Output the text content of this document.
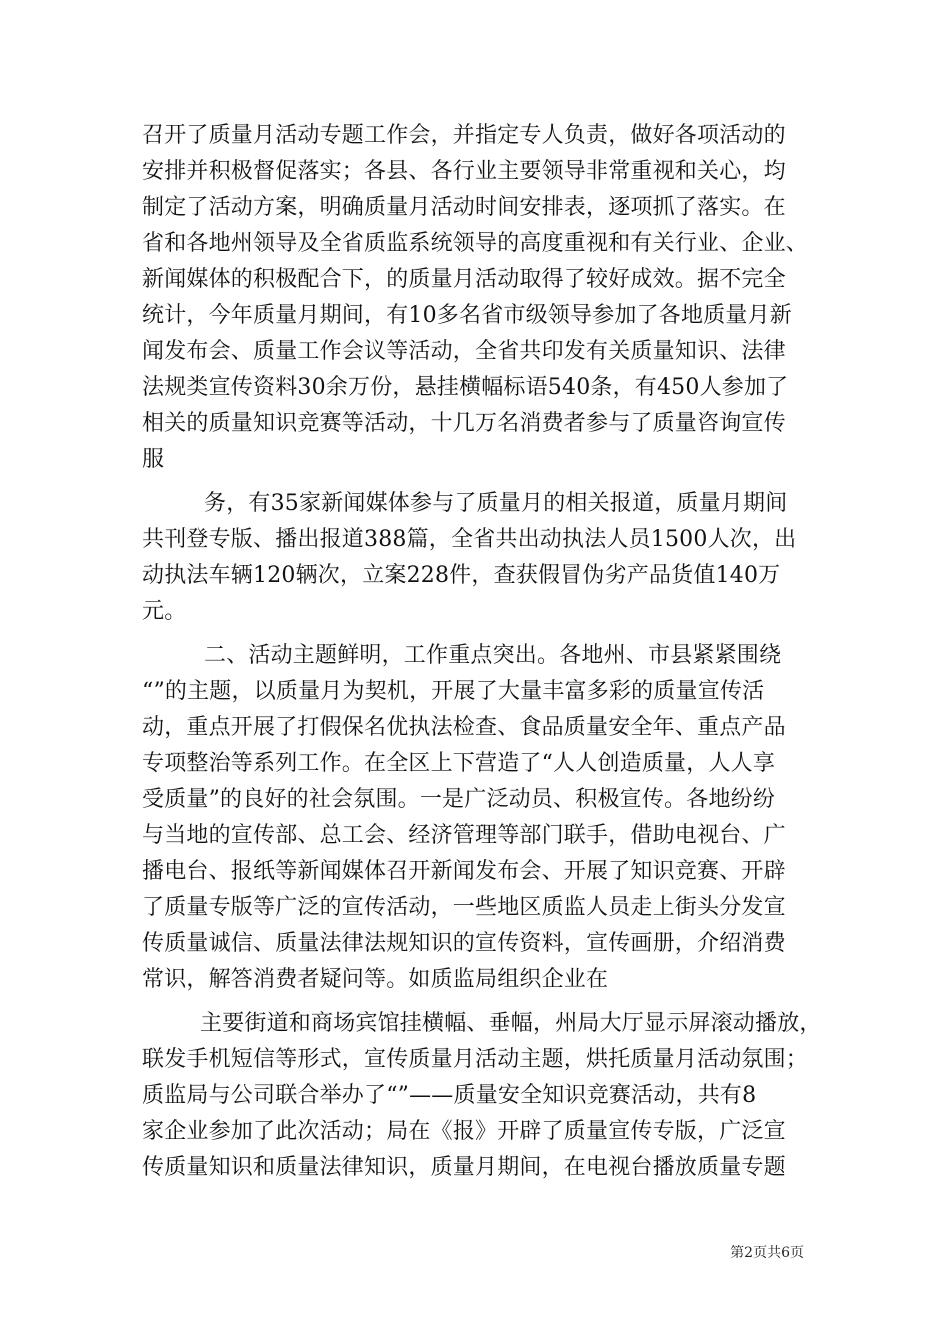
召开了质量月活动专题工作会，并指定专人负责，做好各项活动的
安排并积极督促落实；各县、各行业主要领导非常重视和关心，均
制定了活动方案，明确质量月活动时间安排表，逐项抓了落实。在
省和各地州领导及全省质监系统领导的高度重视和有关行业、企业、
新闻媒体的积极配合下，的质量月活动取得了较好成效。据不完全
统计，今年质量月期间，有10多名省市级领导参加了各地质量月新
闻发布会、质量工作会议等活动，全省共印发有关质量知识、法律
法规类宣传资料30余万份，悬挂横幅标语540条，有450人参加了
相关的质量知识竞赛等活动，十几万名消费者参与了质量咨询宣传
服
务，有35家新闻媒体参与了质量月的相关报道，质量月期间
共刊登专版、播出报道388篇，全省共出动执法人员1500人次，出
动执法车辆120辆次，立案228件，查获假冒伪劣产品货值140万
元。
二、活动主题鲜明，工作重点突出。各地州、市县紧紧围绕
“”的主题，以质量月为契机，开展了大量丰富多彩的质量宣传活
动，重点开展了打假保名优执法检查、食品质量安全年、重点产品
专项整治等系列工作。在全区上下营造了“人人创造质量，人人享
受质量”的良好的社会氛围。一是广泛动员、积极宣传。各地纷纷
与当地的宣传部、总工会、经济管理等部门联手，借助电视台、广
播电台、报纸等新闻媒体召开新闻发布会、开展了知识竞赛、开辟
了质量专版等广泛的宣传活动，一些地区质监人员走上街头分发宣
传质量诚信、质量法律法规知识的宣传资料，宣传画册，介绍消费
常识，解答消费者疑问等。如质监局组织企业在
主要街道和商场宾馆挂横幅、垂幅，州局大厅显示屏滚动播放，
联发手机短信等形式，宣传质量月活动主题，烘托质量月活动氛围；
质监局与公司联合举办了“”——质量安全知识竞赛活动，共有8
家企业参加了此次活动；局在《报》开辟了质量宣传专版，广泛宣
传质量知识和质量法律知识，质量月期间，在电视台播放质量专题
第2页共6页
